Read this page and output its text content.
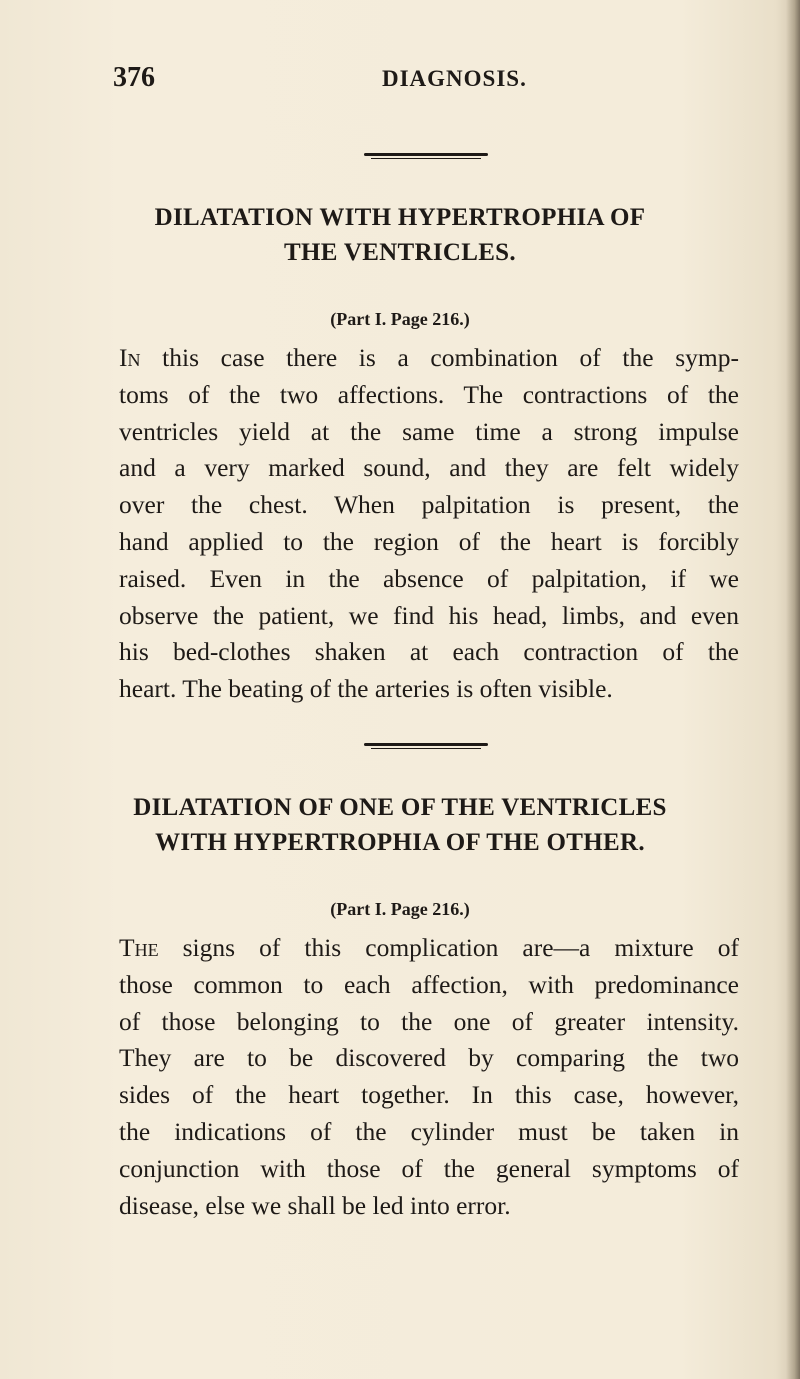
376	DIAGNOSIS.
DILATATION WITH HYPERTROPHIA OF
THE VENTRICLES.
(Part I. Page 216.)
In this case there is a combination of the symp-
toms of the two affections. The contractions of the
ventricles yield at the same time a strong impulse
and a very marked sound, and they are felt widely
over the chest. When palpitation is present, the
hand applied to the region of the heart is forcibly
raised. Even in the absence of palpitation, if we
observe the patient, we find his head, limbs, and even
his bed-clothes shaken at each contraction of the
heart. The beating of the arteries is often visible.
DILATATION OF ONE OF THE VENTRICLES
WITH HYPERTROPHIA OF THE OTHER.
(Part I. Page 216.)
The signs of this complication are—a mixture of
those common to each affection, with predominance
of those belonging to the one of greater intensity.
They are to be discovered by comparing the two
sides of the heart together. In this case, however,
the indications of the cylinder must be taken in
conjunction with those of the general symptoms of
disease, else we shall be led into error.
